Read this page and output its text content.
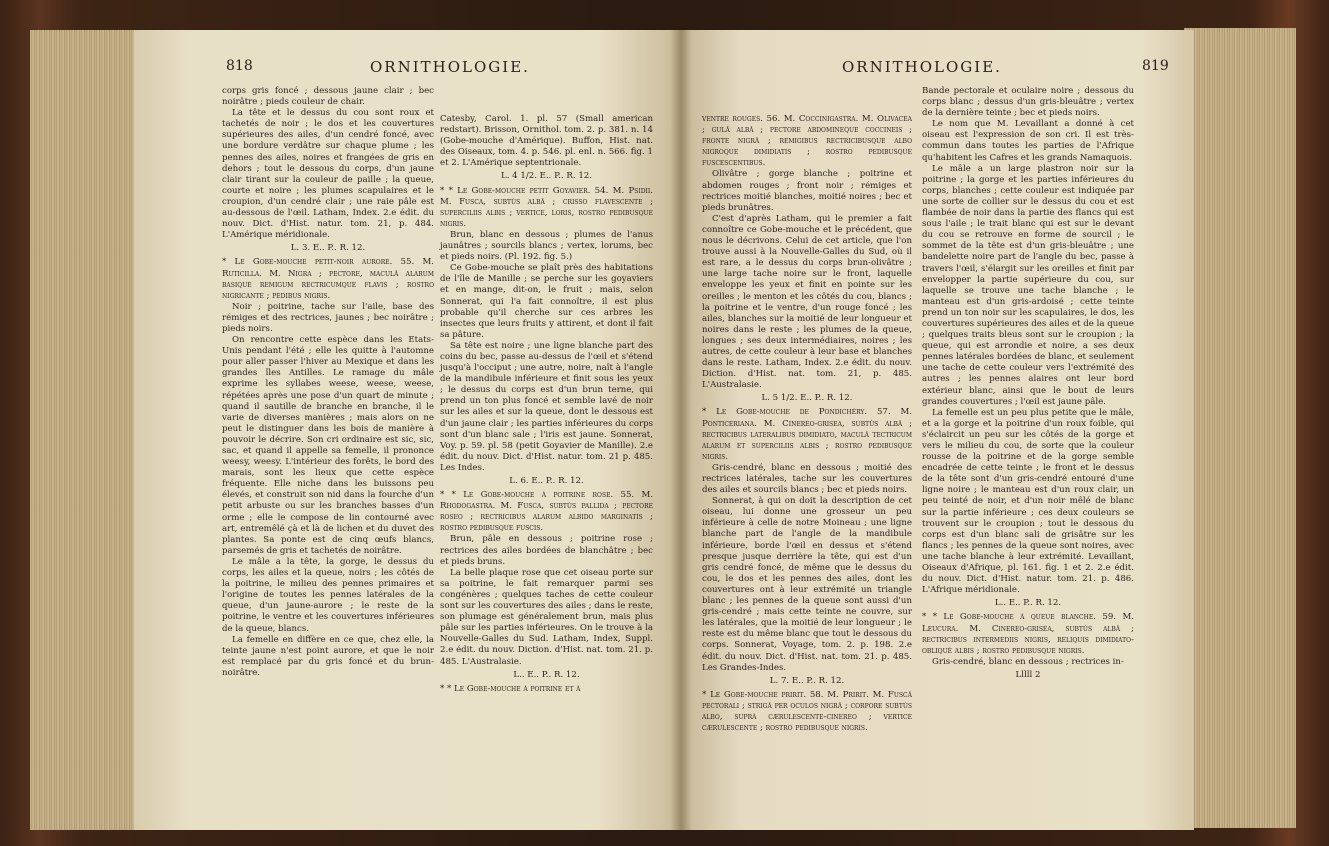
818	ORNITHOLOGIE.	ORNITHOLOGIE.	819

corps gris foncé ; dessous jaune clair ; bec noirâtre ; pieds couleur de chair.

La tête et le dessus du cou sont roux et tachetés de noir ; le dos et les couvertures supérieures des ailes, d'un cendré foncé, avec une bordure verdâtre sur chaque plume ; les pennes des ailes, noires et frangées de gris en dehors ; tout le dessous du corps, d'un jaune clair tirant sur la couleur de paille ; la queue, courte et noire ; les plumes scapulaires et le croupion, d'un cendré clair ; une raie pâle est au-dessous de l'œil. Latham, Index. 2.e édit. du nouv. Dict. d'Hist. natur. tom. 21, p. 484. L'Amérique méridionale.

L. 3. E.. P.. R. 12.

* Le Gobe-mouche petit-noir aurore. 55. M. Ruticilla. M. Nigra ; pectore, maculâ alarum basique remigum rectricumque flavis ; rostro nigricante ; pedibus nigris.

Noir ; poitrine, tache sur l'aile, base des rémiges et des rectrices, jaunes ; bec noirâtre ; pieds noirs.

On rencontre cette espèce dans les Etats-Unis pendant l'été ; elle les quitte à l'automne pour aller passer l'hiver au Mexique et dans les grandes îles Antilles. Le ramage du mâle exprime les syllabes weese, weese, weese, répétées après une pose d'un quart de minute ; quand il sautille de branche en branche, il le varie de diverses manières ; mais alors on ne peut le distinguer dans les bois de manière à pouvoir le décrire. Son cri ordinaire est sic, sic, sac, et quand il appelle sa femelle, il prononce weesy, weesy. L'intérieur des forêts, le bord des marais, sont les lieux que cette espèce fréquente. Elle niche dans les buissons peu élevés, et construit son nid dans la fourche d'un petit arbuste ou sur les branches basses d'un orme ; elle le compose de lin contourné avec art, entremêlé çà et là de lichen et du duvet des plantes. Sa ponte est de cinq œufs blancs, parsemés de gris et tachetés de noirâtre.

Le mâle a la tête, la gorge, le dessus du corps, les ailes et la queue, noirs ; les côtés de la poitrine, le milieu des pennes primaires et l'origine de toutes les pennes latérales de la queue, d'un jaune-aurore ; le reste de la poitrine, le ventre et les couvertures inférieures de la queue, blancs.

La femelle en diffère en ce que, chez elle, la teinte jaune n'est point aurore, et que le noir est remplacé par du gris foncé et du brun-noirâtre.

Catesby, Carol. 1. pl. 57 (Small american redstart). Brisson, Ornithol. tom. 2. p. 381. n. 14 (Gobe-mouche d'Amérique). Buffon, Hist. nat. des Oiseaux, tom. 4. p. 546. pl. enl. n. 566. fig. 1 et 2. L'Amérique septentrionale.

L. 4 1/2. E.. P.. R. 12.

* * Le Gobe-mouche petit Goyavier. 54. M. Psidii. M. Fusca, subtùs albâ ; crisso flavescente ; superciliis albis ; vertice, loris, rostro pedibusque nigris.

Brun, blanc en dessous ; plumes de l'anus jaunâtres ; sourcils blancs ; vertex, lorums, bec et pieds noirs. (Pl. 192. fig. 5.)

Ce Gobe-mouche se plaît près des habitations de l'île de Manille ; se perche sur les goyaviers et en mange, dit-on, le fruit ; mais, selon Sonnerat, qui l'a fait connoître, il est plus probable qu'il cherche sur ces arbres les insectes que leurs fruits y attirent, et dont il fait sa pâture.

Sa tête est noire ; une ligne blanche part des coins du bec, passe au-dessus de l'œil et s'étend jusqu'à l'occiput ; une autre, noire, naît à l'angle de la mandibule inférieure et finit sous les yeux ; le dessus du corps est d'un brun terne, qui prend un ton plus foncé et semble lavé de noir sur les ailes et sur la queue, dont le dessous est d'un jaune clair ; les parties inférieures du corps sont d'un blanc sale ; l'iris est jaune. Sonnerat, Voy. p. 59. pl. 58 (petit Goyavier de Manille). 2.e édit. du nouv. Dict. d'Hist. natur. tom. 21 p. 485. Les Indes.

L. 6. E.. P.. R. 12.

* * Le Gobe-mouche à poitrine rose. 55. M. Rhodogastra. M. Fusca, subtùs pallida ; pectore roseo ; rectricibus alarum albido marginatis ; rostro pedibusque fuscis.

Brun, pâle en dessous ; poitrine rose ; rectrices des ailes bordées de blanchâtre ; bec et pieds bruns.

La belle plaque rose que cet oiseau porte sur sa poitrine, le fait remarquer parmi ses congénères ; quelques taches de cette couleur sont sur les couvertures des ailes ; dans le reste, son plumage est généralement brun, mais plus pâle sur les parties inférieures. On le trouve à la Nouvelle-Galles du Sud. Latham, Index, Suppl. 2.e édit. du nouv. Diction. d'Hist. nat. tom. 21. p. 485. L'Australasie.

L.. E.. P.. R. 12.

* * Le Gobe-mouche à poitrine et à

ventre rouges. 56. M. Coccinigastra. M. Olivacea ; gulâ albâ ; pectore abdomineque coccineis ; fronte nigrâ ; remigibus rectricibusque albo nigroque dimidiatis ; rostro pedibusque fuscescentibus.

Olivâtre ; gorge blanche ; poitrine et abdomen rouges ; front noir ; rémiges et rectrices moitié blanches, moitié noires ; bec et pieds brunâtres.

C'est d'après Latham, qui le premier a fait connoître ce Gobe-mouche et le précédent, que nous le décrivons. Celui de cet article, que l'on trouve aussi à la Nouvelle-Galles du Sud, où il est rare, a le dessus du corps brun-olivâtre ; une large tache noire sur le front, laquelle enveloppe les yeux et finit en pointe sur les oreilles ; le menton et les côtés du cou, blancs ; la poitrine et le ventre, d'un rouge foncé ; les ailes, blanches sur la moitié de leur longueur et noires dans le reste ; les plumes de la queue, longues ; ses deux intermédiaires, noires ; les autres, de cette couleur à leur base et blanches dans le reste. Latham, Index. 2.e édit. du nouv. Diction. d'Hist. nat. tom. 21, p. 485. L'Australasie.

L. 5 1/2. E.. P.. R. 12.

* Le Gobe-mouche de Pondichéry. 57. M. Ponticeriana. M. Cinereo-grisea, subtùs albâ ; rectricibus lateralibus dimidiato, maculâ tectricum alarum et superciliis albis ; rostro pedibusque nigris.

Gris-cendré, blanc en dessous ; moitié des rectrices latérales, tache sur les couvertures des ailes et sourcils blancs ; bec et pieds noirs.

Sonnerat, à qui on doit la description de cet oiseau, lui donne une grosseur un peu inférieure à celle de notre Moineau ; une ligne blanche part de l'angle de la mandibule inférieure, borde l'œil en dessus et s'étend presque jusque derrière la tête, qui est d'un gris cendré foncé, de même que le dessus du cou, le dos et les pennes des ailes, dont les couvertures ont à leur extrémité un triangle blanc ; les pennes de la queue sont aussi d'un gris-cendré ; mais cette teinte ne couvre, sur les latérales, que la moitié de leur longueur ; le reste est du même blanc que tout le dessous du corps. Sonnerat, Voyage, tom. 2. p. 198. 2.e édit. du nouv. Dict. d'Hist. nat. tom. 21. p. 485. Les Grandes-Indes.

L. 7. E.. P.. R. 12.

* Le Gobe-mouche pririt. 58. M. Pririt. M. Fuscâ pectorali ; strigâ per oculos nigrâ ; corpore subtùs albo, suprà cærulescente-cinereo ; vertice cærulescente ; rostro pedibusque nigris.

Bande pectorale et oculaire noire ; dessous du corps blanc ; dessus d'un gris-bleuâtre ; vertex de la dernière teinte ; bec et pieds noirs.

Le nom que M. Levaillant a donné à cet oiseau est l'expression de son cri. Il est très-commun dans toutes les parties de l'Afrique qu'habitent les Cafres et les grands Namaquois.

Le mâle a un large plastron noir sur la poitrine ; la gorge et les parties inférieures du corps, blanches ; cette couleur est indiquée par une sorte de collier sur le dessus du cou et est flambée de noir dans la partie des flancs qui est sous l'aile ; le trait blanc qui est sur le devant du cou se retrouve en forme de sourcil ; le sommet de la tête est d'un gris-bleuâtre ; une bandelette noire part de l'angle du bec, passe à travers l'œil, s'élargit sur les oreilles et finit par envelopper la partie supérieure du cou, sur laquelle se trouve une tache blanche ; le manteau est d'un gris-ardoisé ; cette teinte prend un ton noir sur les scapulaires, le dos, les couvertures supérieures des ailes et de la queue ; quelques traits bleus sont sur le croupion ; la queue, qui est arrondie et noire, a ses deux pennes latérales bordées de blanc, et seulement une tache de cette couleur vers l'extrémité des autres ; les pennes alaires ont leur bord extérieur blanc, ainsi que le bout de leurs grandes couvertures ; l'œil est jaune pâle.

La femelle est un peu plus petite que le mâle, et a la gorge et la poitrine d'un roux foible, qui s'éclaircit un peu sur les côtés de la gorge et vers le milieu du cou, de sorte que la couleur rousse de la poitrine et de la gorge semble encadrée de cette teinte ; le front et le dessus de la tête sont d'un gris-cendré entouré d'une ligne noire ; le manteau est d'un roux clair, un peu teinté de noir, et d'un noir mêlé de blanc sur la partie inférieure ; ces deux couleurs se trouvent sur le croupion ; tout le dessous du corps est d'un blanc sali de grisâtre sur les flancs ; les pennes de la queue sont noires, avec une tache blanche à leur extrémité. Levaillant, Oiseaux d'Afrique, pl. 161. fig. 1 et 2. 2.e édit. du nouv. Dict. d'Hist. natur. tom. 21. p. 486. L'Afrique méridionale.

L.. E.. P.. R. 12.

* * Le Gobe-mouche à queue blanche. 59. M. Leucura. M. Cinereo-grisea, subtùs albâ ; rectricibus intermediis nigris, reliquis dimidiato-obliquè albis ; rostro pedibusque nigris.

Gris-cendré, blanc en dessous ; rectrices in-

Lllll 2
